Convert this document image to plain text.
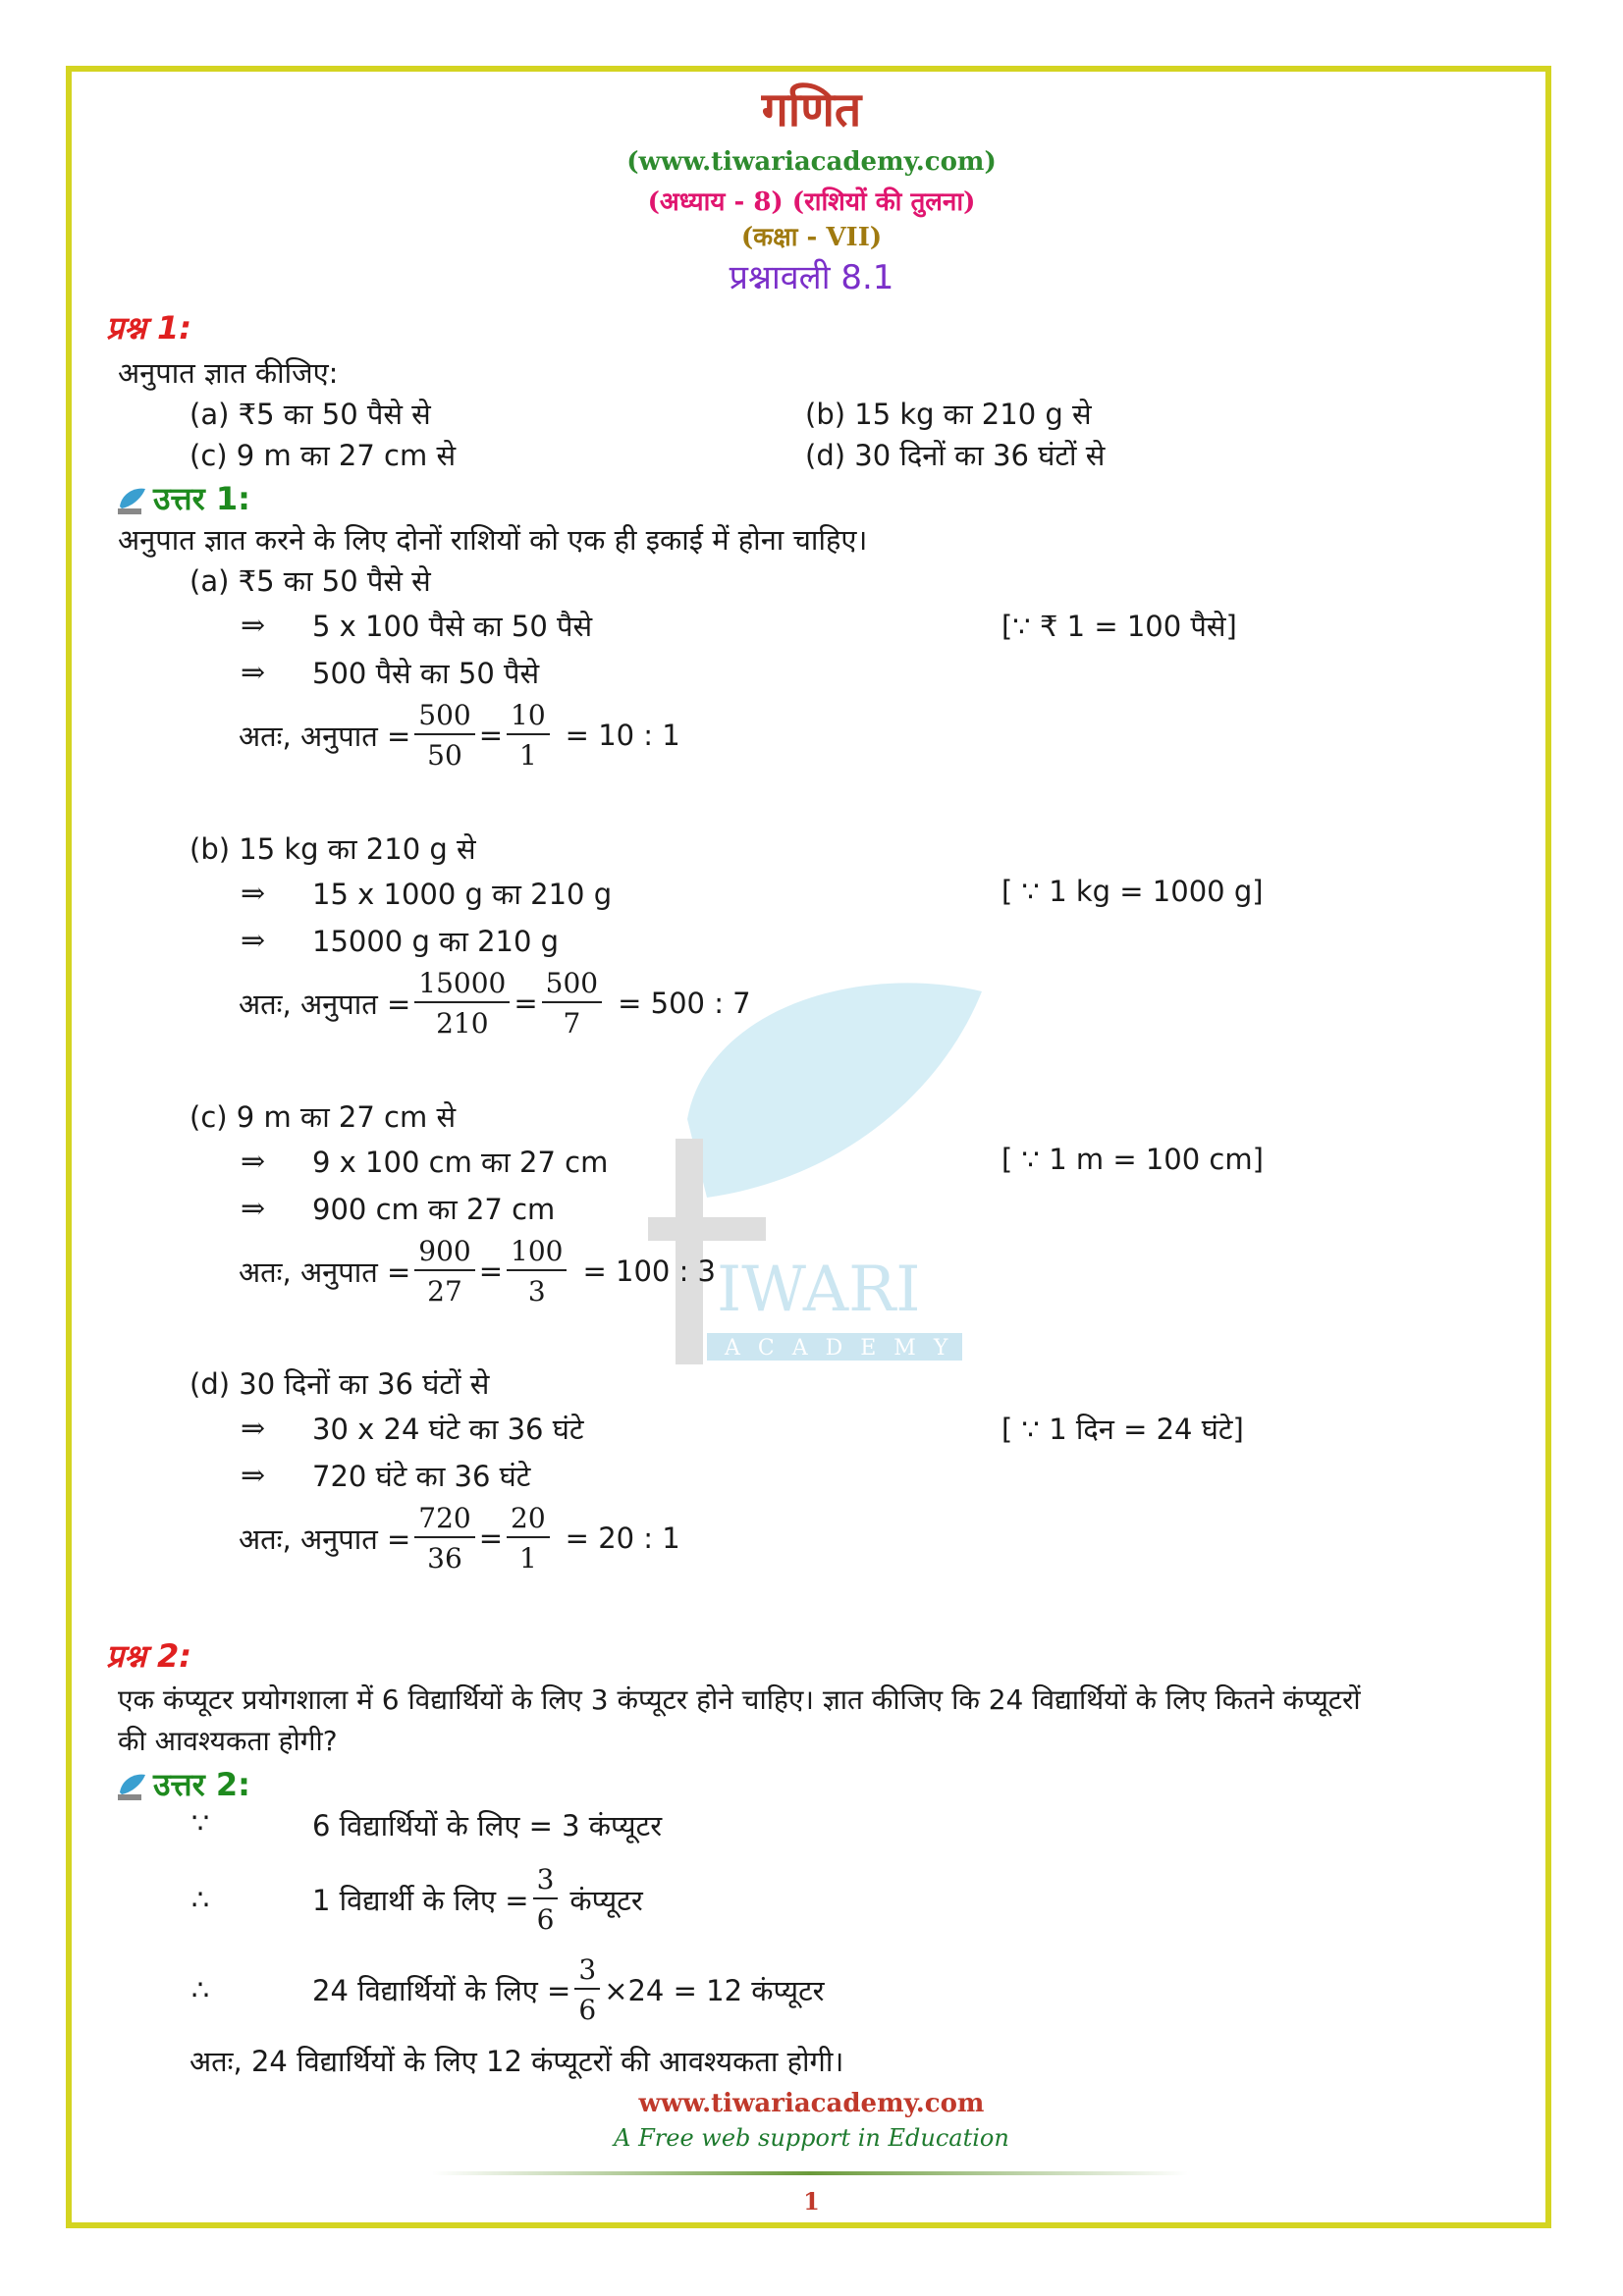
IWARI
ACADEMY
गणित
(www.tiwariacademy.com)
(अध्याय - 8) (राशियों की तुलना)
(कक्षा - VII)
प्रश्नावली 8.1
प्रश्न 1:
अनुपात ज्ञात कीजिए:
(a) ₹5 का 50 पैसे से	(b) 15 kg का 210 g से
(c) 9 m का 27 cm से	(d) 30 दिनों का 36 घंटों से
उत्तर 1:
अनुपात ज्ञात करने के लिए दोनों राशियों को एक ही इकाई में होना चाहिए।
(a) ₹5 का 50 पैसे से
⇒ 5 x 100 पैसे का 50 पैसे	[∵ ₹ 1 = 100 पैसे]
⇒ 500 पैसे का 50 पैसे
अतः, अनुपात = $\frac{500}{50} = \frac{10}{1} = 10$ : 1
(b) 15 kg का 210 g से
⇒ 15 x 1000 g का 210 g	[ ∵ 1 kg = 1000 g]
⇒ 15000 g का 210 g
अतः, अनुपात = $\frac{15000}{210} = \frac{500}{7} = 500$ : 7
(c) 9 m का 27 cm से
⇒ 9 x 100 cm का 27 cm	[ ∵ 1 m = 100 cm]
⇒ 900 cm का 27 cm
अतः, अनुपात = $\frac{900}{27} = \frac{100}{3} = 100$ : 3
(d) 30 दिनों का 36 घंटों से
⇒ 30 x 24 घंटे का 36 घंटे	[ ∵ 1 दिन = 24 घंटे]
⇒ 720 घंटे का 36 घंटे
अतः, अनुपात = $\frac{720}{36} = \frac{20}{1} = 20$ : 1
प्रश्न 2:
एक कंप्यूटर प्रयोगशाला में 6 विद्यार्थियों के लिए 3 कंप्यूटर होने चाहिए। ज्ञात कीजिए कि 24 विद्यार्थियों के लिए कितने कंप्यूटरों
की आवश्यकता होगी?
उत्तर 2:
∵	6 विद्यार्थियों के लिए = 3 कंप्यूटर
∴	1 विद्यार्थी के लिए = $\frac{3}{6}$ कंप्यूटर
∴	24 विद्यार्थियों के लिए = $\frac{3}{6} \times 24 = 12$ कंप्यूटर
अतः, 24 विद्यार्थियों के लिए 12 कंप्यूटरों की आवश्यकता होगी।
www.tiwariacademy.com
A Free web support in Education
1
